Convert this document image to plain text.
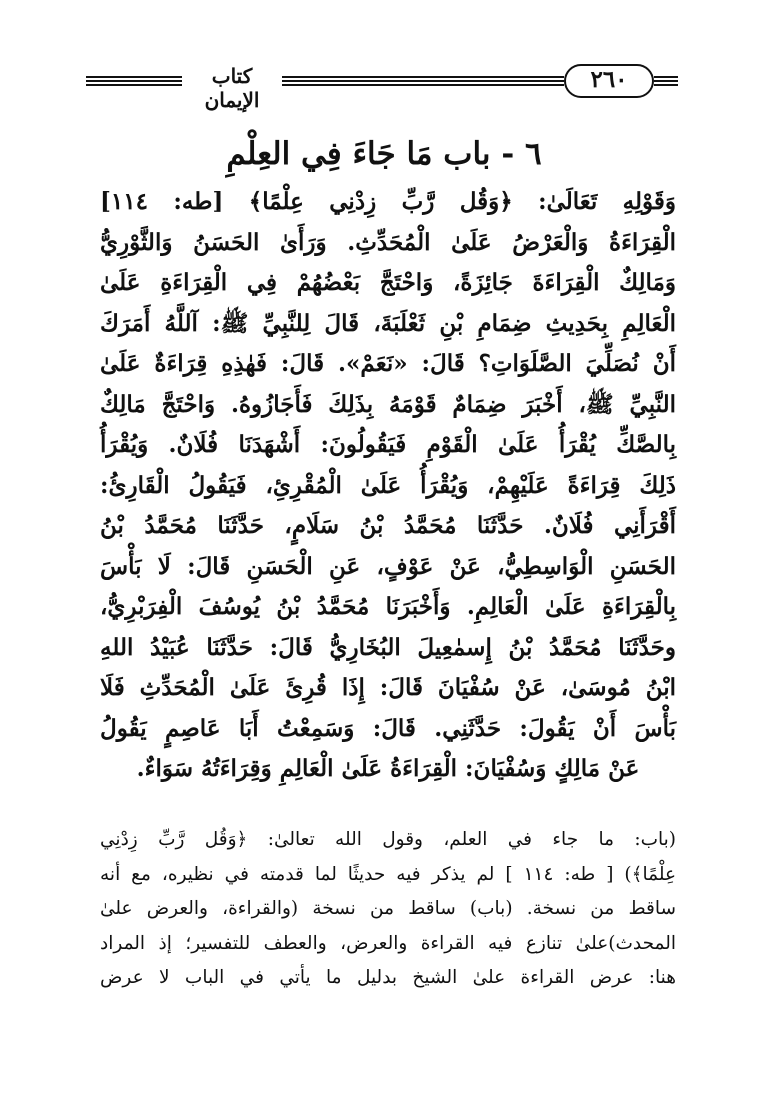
كتاب الإيمان
٢٦٠
٦ - باب مَا جَاءَ فِي العِلْمِ
وَقَوْلِهِ تَعَالَىٰ: ﴿وَقُل رَّبِّ زِدْنِي عِلْمًا﴾ [طه: ١١٤]
الْقِرَاءَةُ وَالْعَرْضُ عَلَىٰ الْمُحَدِّثِ. وَرَأَىٰ الحَسَنُ وَالثَّوْرِيُّ
وَمَالِكٌ الْقِرَاءَةَ جَائِزَةً، وَاحْتَجَّ بَعْضُهُمْ فِي الْقِرَاءَةِ عَلَىٰ
الْعَالِمِ بِحَدِيثِ ضِمَامِ بْنِ ثَعْلَبَةَ، قَالَ لِلنَّبِيِّ ﷺ: آللَّهُ أَمَرَكَ
أَنْ نُصَلِّيَ الصَّلَوَاتِ؟ قَالَ: «نَعَمْ». قَالَ: فَهٰذِهِ قِرَاءَةٌ عَلَىٰ
النَّبِيِّ ﷺ، أَخْبَرَ ضِمَامٌ قَوْمَهُ بِذَلِكَ فَأَجَازُوهُ. وَاحْتَجَّ مَالِكٌ
بِالصَّكِّ يُقْرَأُ عَلَىٰ الْقَوْمِ فَيَقُولُونَ: أَشْهَدَنَا فُلَانٌ. وَيُقْرَأُ
ذَلِكَ قِرَاءَةً عَلَيْهِمْ، وَيُقْرَأُ عَلَىٰ الْمُقْرِئِ، فَيَقُولُ الْقَارِئُ:
أَقْرَأَنِي فُلَانٌ. حَدَّثَنَا مُحَمَّدُ بْنُ سَلَامٍ، حَدَّثَنَا مُحَمَّدُ بْنُ
الحَسَنِ الْوَاسِطِيُّ، عَنْ عَوْفٍ، عَنِ الْحَسَنِ قَالَ: لَا بَأْسَ
بِالْقِرَاءَةِ عَلَىٰ الْعَالِمِ. وَأَخْبَرَنَا مُحَمَّدُ بْنُ يُوسُفَ الْفِرَبْرِيُّ،
وحَدَّثَنَا مُحَمَّدُ بْنُ إِسمٰعِيلَ البُخَارِيُّ قَالَ: حَدَّثَنَا عُبَيْدُ اللهِ
ابْنُ مُوسَىٰ، عَنْ سُفْيَانَ قَالَ: إِذَا قُرِئَ عَلَىٰ الْمُحَدِّثِ فَلَا
بَأْسَ أَنْ يَقُولَ: حَدَّثَنِي. قَالَ: وَسَمِعْتُ أَبَا عَاصِمٍ يَقُولُ
عَنْ مَالِكٍ وَسُفْيَانَ: الْقِرَاءَةُ عَلَىٰ الْعَالِمِ وَقِرَاءَتُهُ سَوَاءٌ.
(باب: ما جاء في العلم، وقول الله تعالىٰ: ﴿وَقُل رَّبِّ زِدْنِي
عِلْمًا﴾) [ طه: ١١٤ ] لم يذكر فيه حديثًا لما قدمته في نظيره، مع أنه
ساقط من نسخة. (باب) ساقط من نسخة (والقراءة، والعرض علىٰ
المحدث)علىٰ تنازع فيه القراءة والعرض، والعطف للتفسير؛ إذ المراد
هنا: عرض القراءة علىٰ الشيخ بدليل ما يأتي في الباب لا عرض
